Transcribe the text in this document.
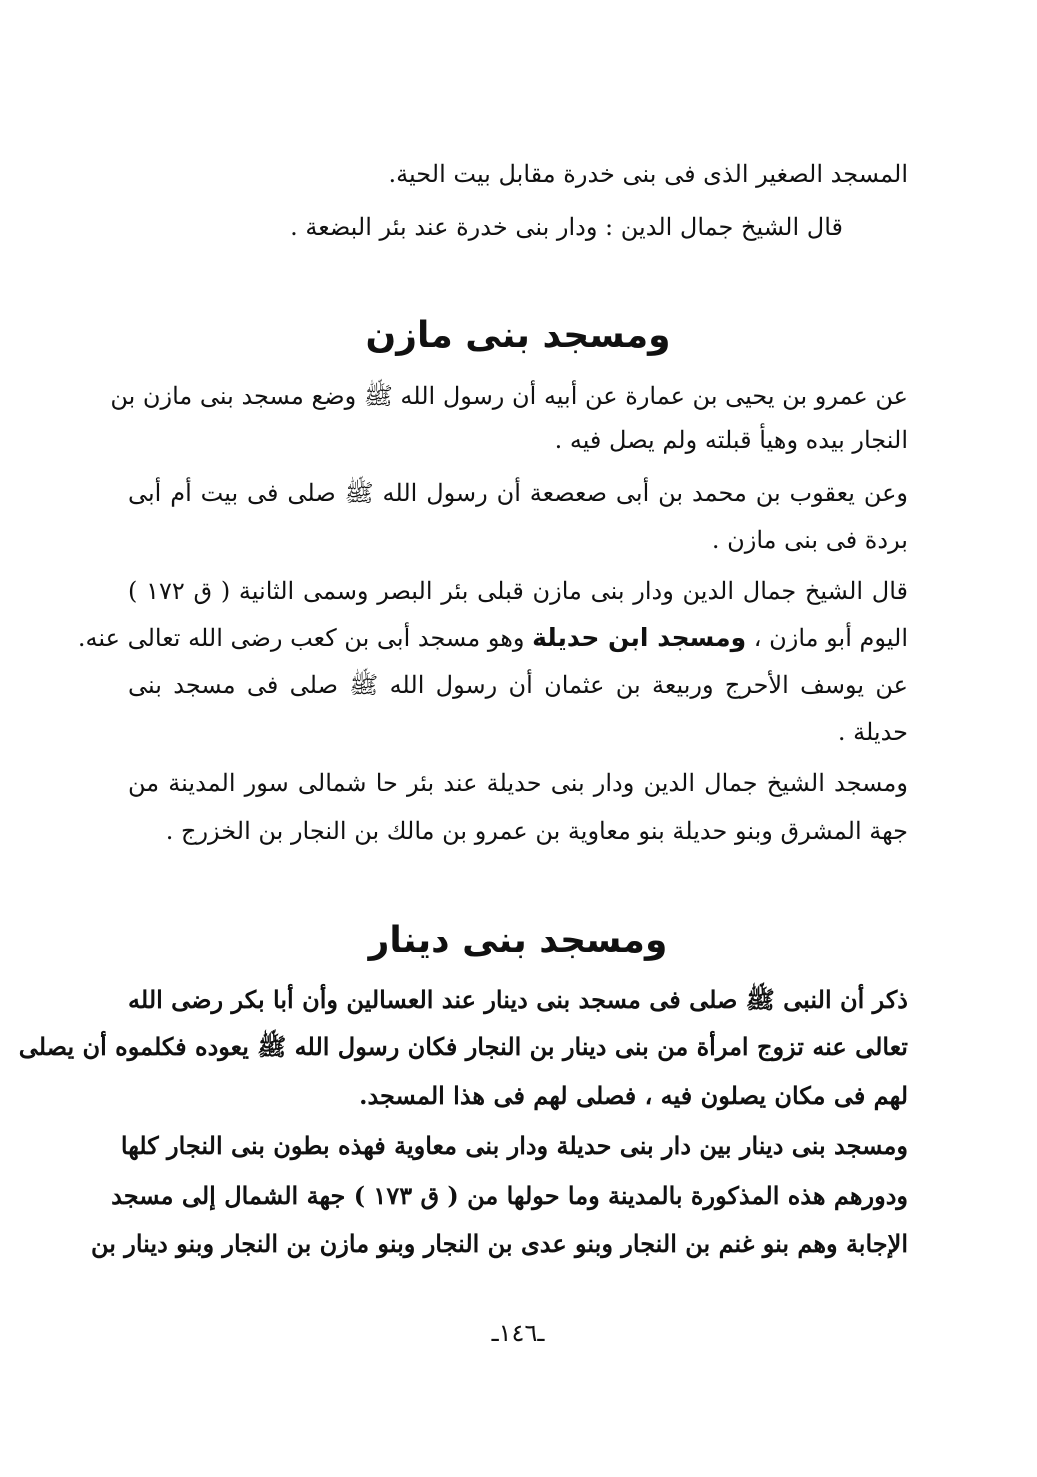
المسجد الصغير الذى فى بنى خدرة مقابل بيت الحية.
قال الشيخ جمال الدين : ودار بنى خدرة عند بئر البضعة .
ومسجد بنى مازن
عن عمرو بن يحيى بن عمارة عن أبيه أن رسول الله ﷺ وضع مسجد بنى مازن بن
النجار بيده وهيأ قبلته ولم يصل فيه .
وعن يعقوب بن محمد بن أبى صعصعة أن رسول الله ﷺ صلى فى بيت أم أبى
بردة فى بنى مازن .
قال الشيخ جمال الدين ودار بنى مازن قبلى بئر البصر وسمى الثانية ( ق ١٧٢ )
اليوم أبو مازن ، ومسجد ابن حديلة وهو مسجد أبى بن كعب رضى الله تعالى عنه.
عن يوسف الأحرج وربيعة بن عثمان أن رسول الله ﷺ صلى فى مسجد بنى
حديلة .
ومسجد الشيخ جمال الدين ودار بنى حديلة عند بئر حا شمالى سور المدينة من
جهة المشرق وبنو حديلة بنو معاوية بن عمرو بن مالك بن النجار بن الخزرج .
ومسجد بنى دينار
ذكر أن النبى ﷺ صلى فى مسجد بنى دينار عند العسالين وأن أبا بكر رضى الله
تعالى عنه تزوج امرأة من بنى دينار بن النجار فكان رسول الله ﷺ يعوده فكلموه أن يصلى
لهم فى مكان يصلون فيه ، فصلى لهم فى هذا المسجد.
ومسجد بنى دينار بين دار بنى حديلة ودار بنى معاوية فهذه بطون بنى النجار كلها
ودورهم هذه المذكورة بالمدينة وما حولها من ( ق ١٧٣ ) جهة الشمال إلى مسجد
الإجابة وهم بنو غنم بن النجار وبنو عدى بن النجار وبنو مازن بن النجار وبنو دينار بن
ـ١٤٦ـ
